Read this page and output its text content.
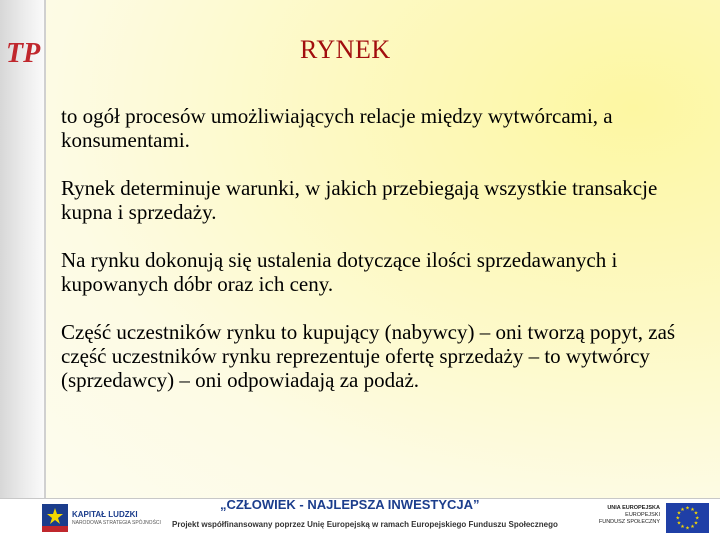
TP	RYNEK

to ogół procesów umożliwiających relacje między wytwórcami, a konsumentami.

Rynek determinuje warunki, w jakich przebiegają wszystkie transakcje kupna i sprzedaży.

Na rynku dokonują się ustalenia dotyczące ilości sprzedawanych i kupowanych dóbr oraz ich ceny.

Część uczestników rynku to kupujący (nabywcy) – oni tworzą popyt, zaś część uczestników rynku reprezentuje ofertę sprzedaży – to wytwórcy (sprzedawcy) – oni odpowiadają za podaż.

KAPITAŁ LUDZKI
NARODOWA STRATEGIA SPÓJNOŚCI
„CZŁOWIEK - NAJLEPSZA INWESTYCJA”
Projekt współfinansowany poprzez Unię Europejską w ramach Europejskiego Funduszu Społecznego
UNIA EUROPEJSKA
EUROPEJSKI
FUNDUSZ SPOŁECZNY
★ ★
★
★
★
★
★
★
★
★
★
★
